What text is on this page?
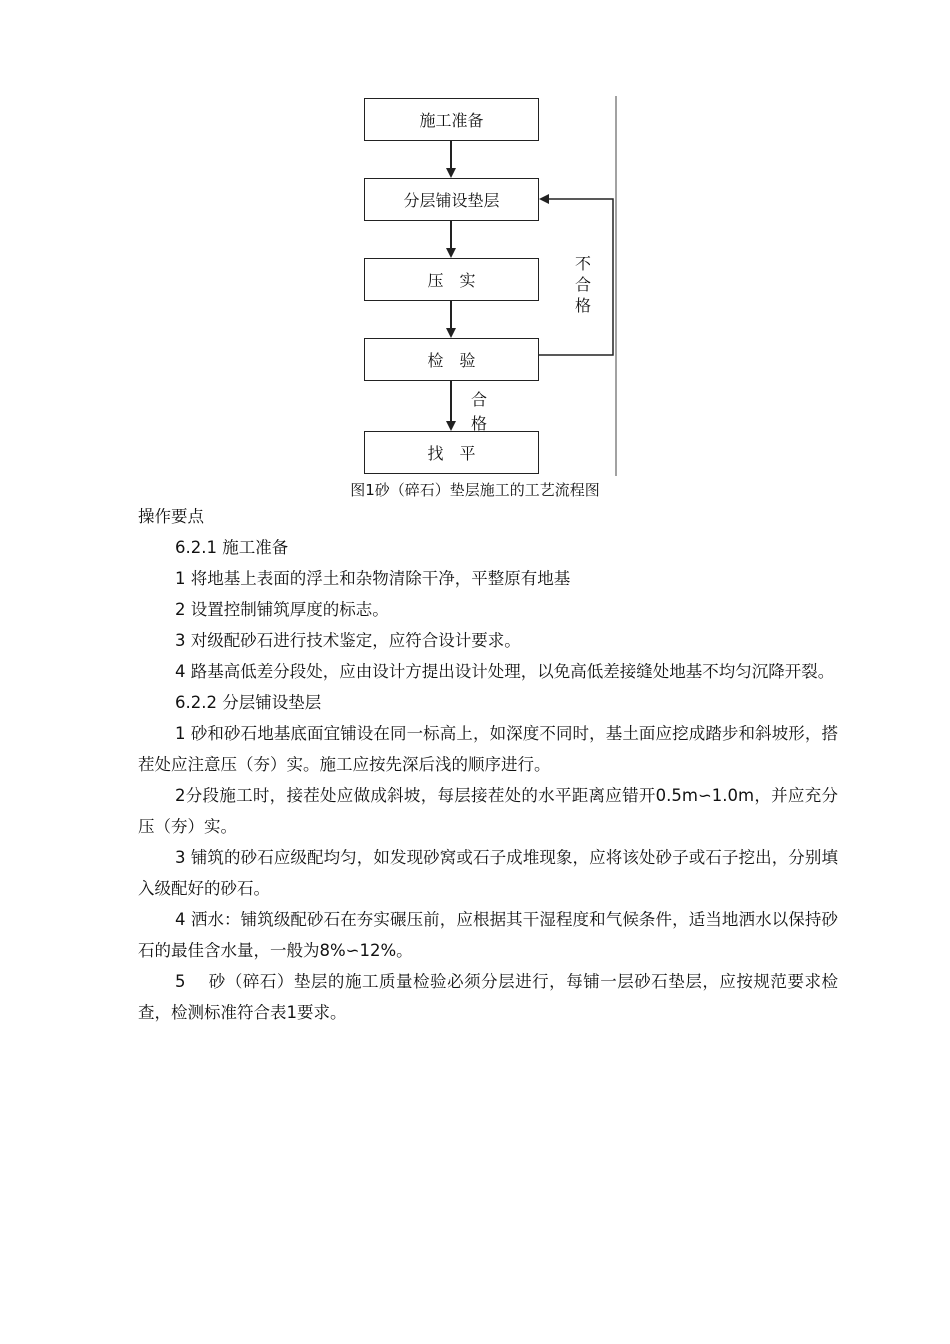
施工准备
分层铺设垫层
压　实
检　验
找　平
不
合
格
合
格
图1砂（碎石）垫层施工的工艺流程图

操作要点

6.2.1 施工准备

1 将地基上表面的浮土和杂物清除干净，平整原有地基

2 设置控制铺筑厚度的标志。

3 对级配砂石进行技术鉴定，应符合设计要求。

4 路基高低差分段处，应由设计方提出设计处理，以免高低差接缝处地基不均匀沉降开裂。

6.2.2 分层铺设垫层

1 砂和砂石地基底面宜铺设在同一标高上，如深度不同时，基土面应挖成踏步和斜坡形，搭茬处应注意压（夯）实。施工应按先深后浅的顺序进行。

2分段施工时，接茬处应做成斜坡，每层接茬处的水平距离应错开0.5m∽1.0m，并应充分压（夯）实。

3 铺筑的砂石应级配均匀，如发现砂窝或石子成堆现象，应将该处砂子或石子挖出，分别填入级配好的砂石。

4 洒水：铺筑级配砂石在夯实碾压前，应根据其干湿程度和气候条件，适当地洒水以保持砂石的最佳含水量，一般为8%∽12%。

5　 砂（碎石）垫层的施工质量检验必须分层进行，每铺一层砂石垫层，应按规范要求检查，检测标准符合表1要求。
